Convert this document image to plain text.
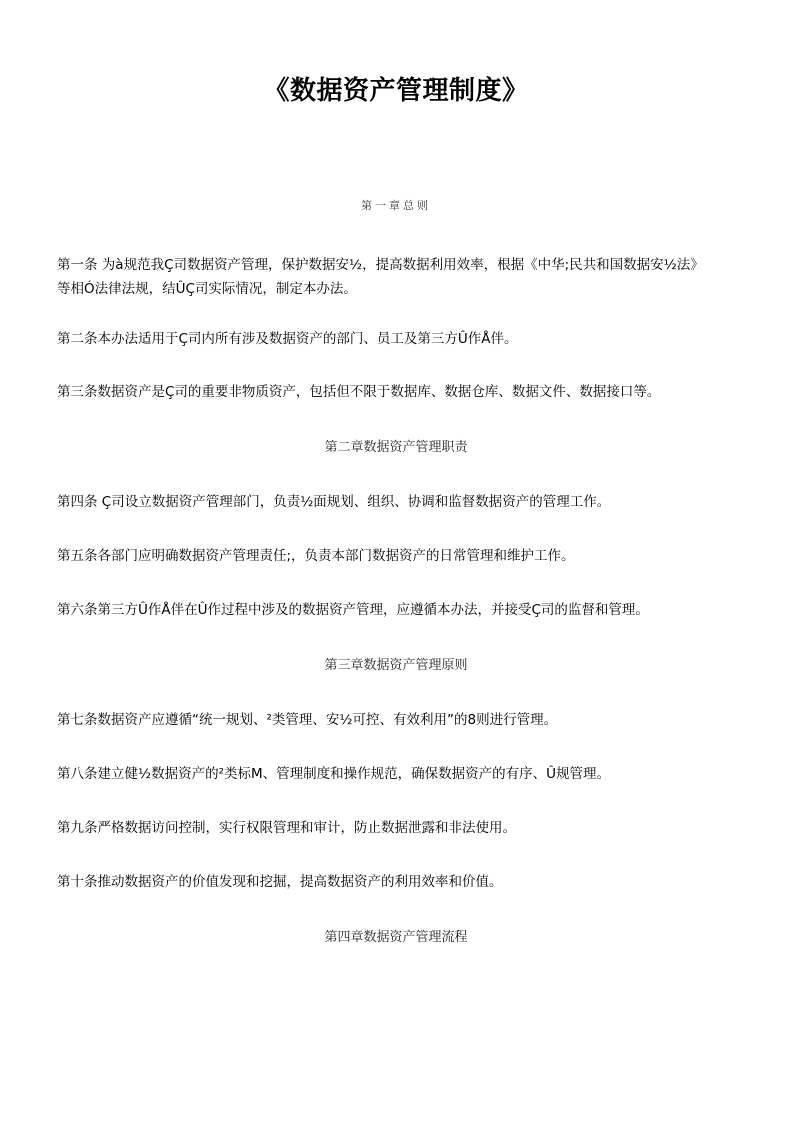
《数据资产管理制度》
第一章总则
第一条 为à规范我Ç司数据资产管理，保护数据安½，提高数据利用效率，根据《中华;民共和国数据安½法》等相Ó法律法规，结ÛÇ司实际情况，制定本办法。
第二条本办法适用于Ç司内所有涉及数据资产的部门、员工及第三方Û作Å伴。
第三条数据资产是Ç司的重要非物质资产，包括但不限于数据库、数据仓库、数据文件、数据接口等。
第二章数据资产管理职责
第四条 Ç司设立数据资产管理部门，负责½面规划、组织、协调和监督数据资产的管理工作。
第五条各部门应明确数据资产管理责任;，负责本部门数据资产的日常管理和维护工作。
第六条第三方Û作Å伴在Û作过程中涉及的数据资产管理，应遵循本办法，并接受Ç司的监督和管理。
第三章数据资产管理原则
第七条数据资产应遵循“统一规划、²类管理、安½可控、有效利用”的8则进行管理。
第八条建立健½数据资产的²类标M、管理制度和操作规范，确保数据资产的有序、Û规管理。
第九条严格数据访问控制，实行权限管理和审计，防止数据泄露和非法使用。
第十条推动数据资产的价值发现和挖掘，提高数据资产的利用效率和价值。
第四章数据资产管理流程
